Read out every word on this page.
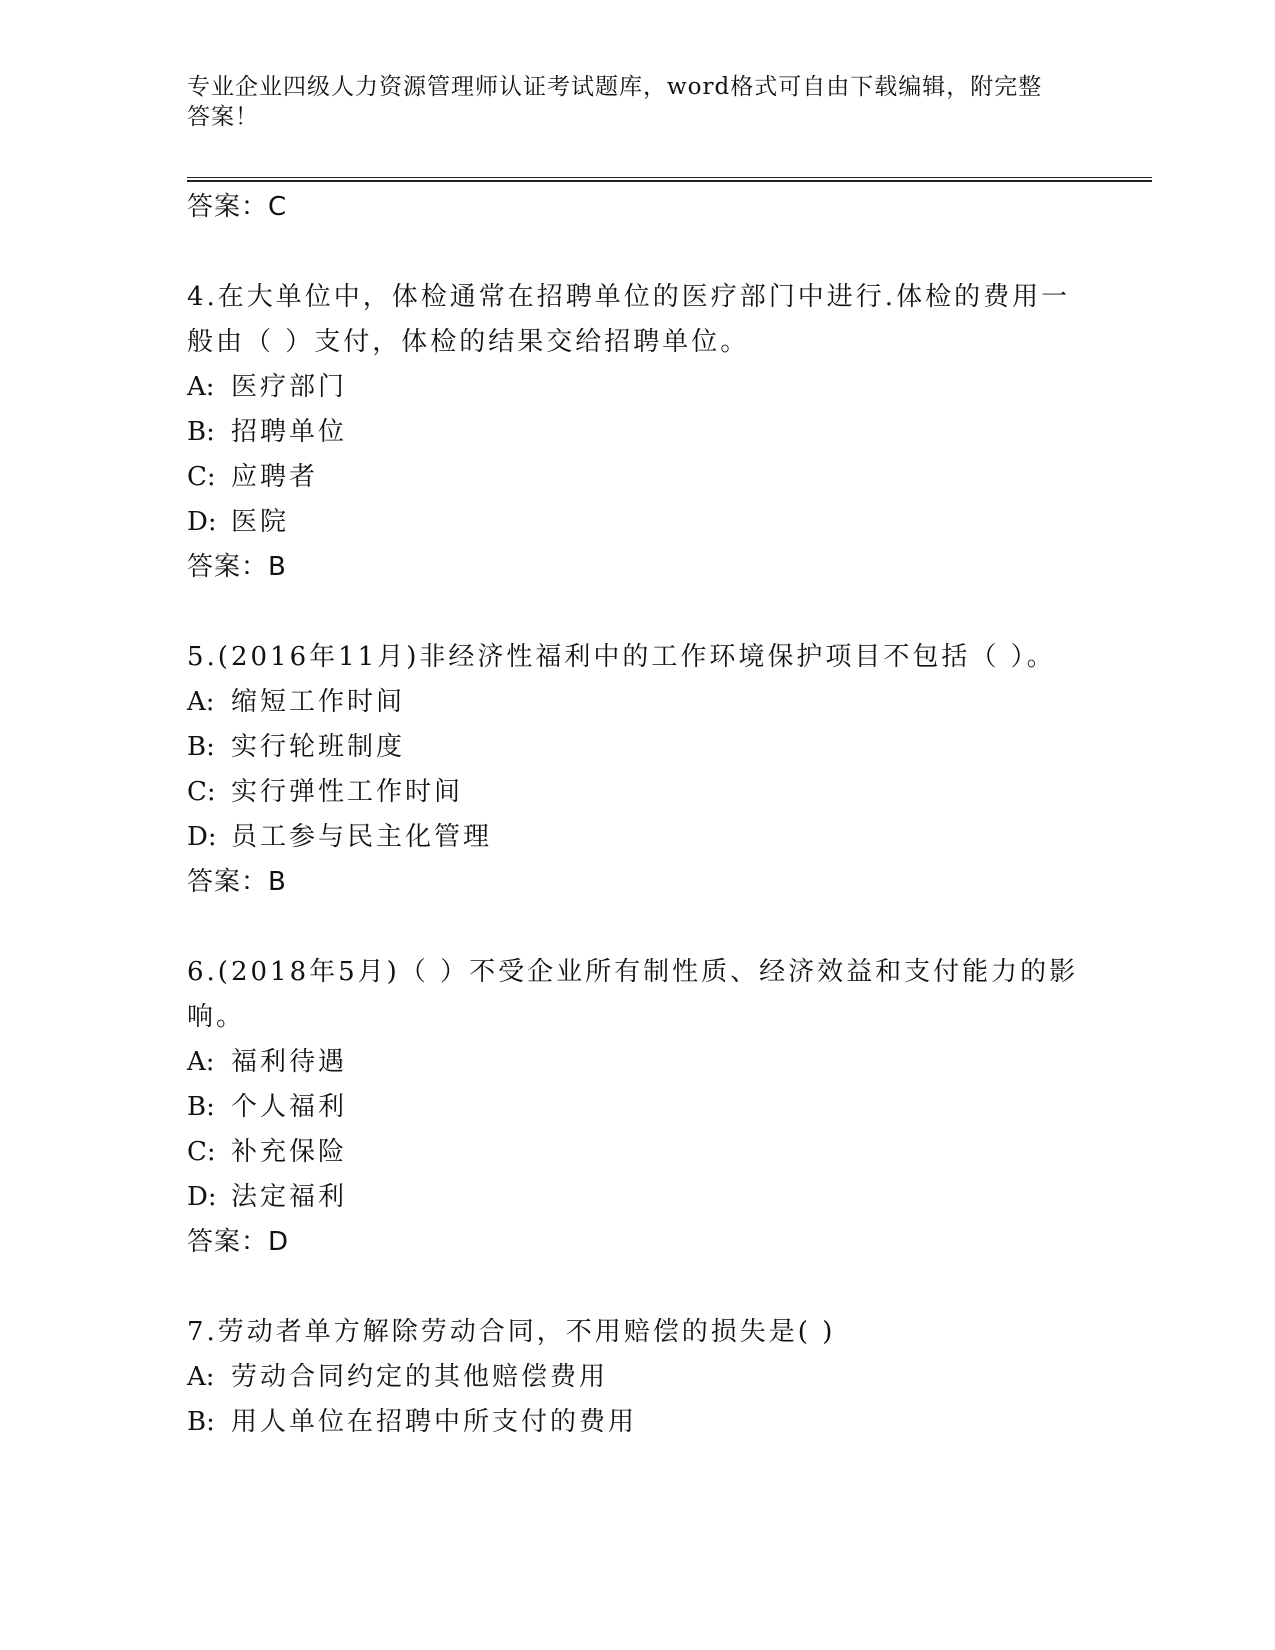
专业企业四级人力资源管理师认证考试题库，word格式可自由下载编辑，附完整
答案！
答案：C
4.在大单位中，体检通常在招聘单位的医疗部门中进行.体检的费用一
般由（ ）支付，体检的结果交给招聘单位。
A: 医疗部门
B: 招聘单位
C: 应聘者
D: 医院
答案：B
5.(2016年11月)非经济性福利中的工作环境保护项目不包括（ ）。
A: 缩短工作时间
B: 实行轮班制度
C: 实行弹性工作时间
D: 员工参与民主化管理
答案：B
6.(2018年5月)（ ）不受企业所有制性质、经济效益和支付能力的影
响。
A: 福利待遇
B: 个人福利
C: 补充保险
D: 法定福利
答案：D
7.劳动者单方解除劳动合同，不用赔偿的损失是( )
A: 劳动合同约定的其他赔偿费用
B: 用人单位在招聘中所支付的费用
